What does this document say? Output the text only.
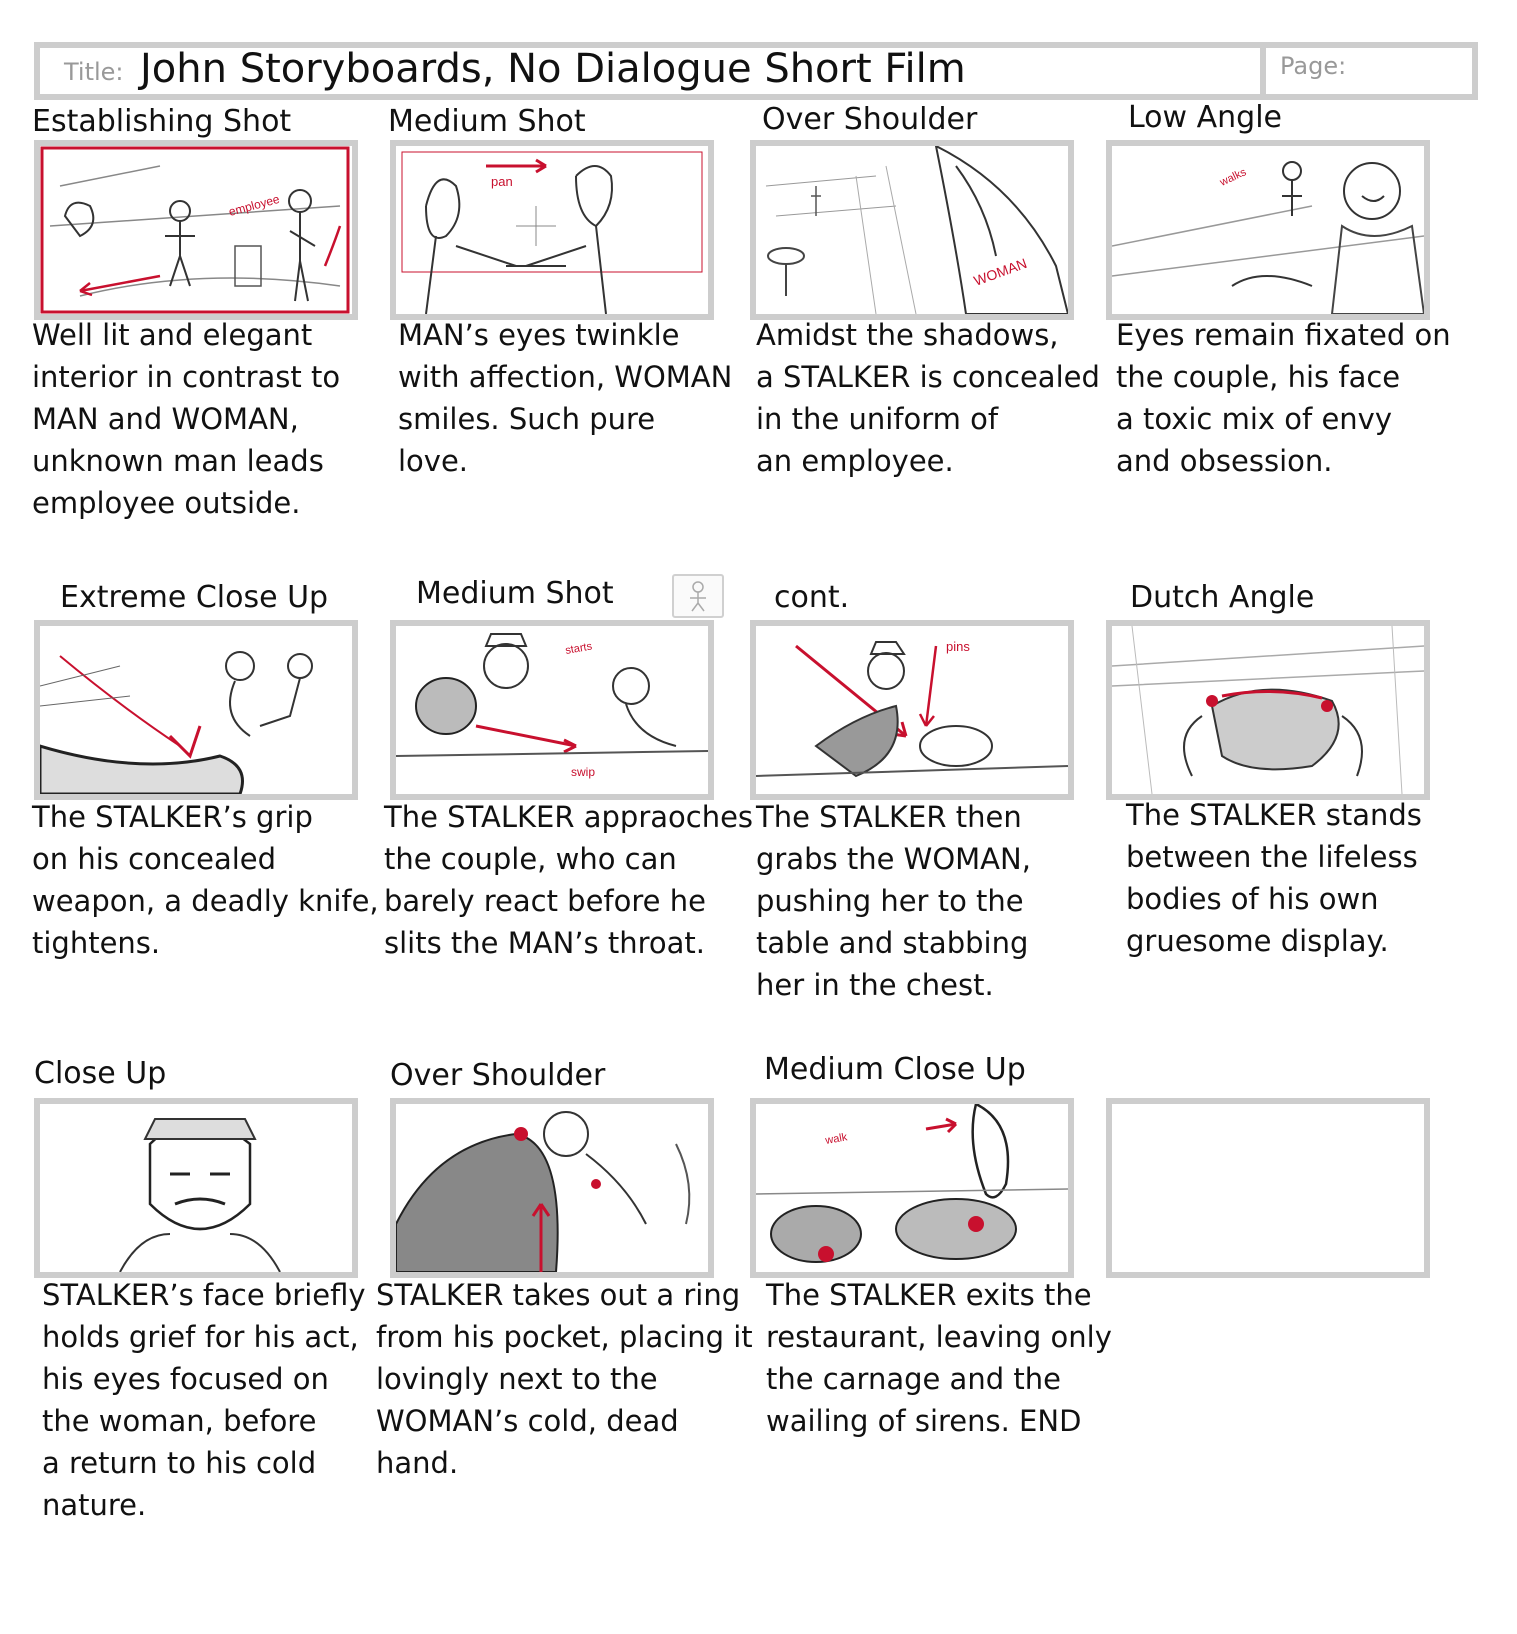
Title: John Storyboards, No Dialogue Short Film	Page:
Establishing Shot
employee
Well lit and elegant
interior in contrast to
MAN and WOMAN,
unknown man leads
employee outside.
Medium Shot
pan
MAN’s eyes twinkle
with affection, WOMAN
smiles. Such pure
love.
Over Shoulder
WOMAN
Amidst the shadows,
a STALKER is concealed
in the uniform of
an employee.
Low Angle
walks
Eyes remain fixated on
the couple, his face
a toxic mix of envy
and obsession.
Extreme Close Up
The STALKER’s grip
on his concealed
weapon, a deadly knife,
tightens.
Medium Shot
starts
swip
The STALKER appraoches
the couple, who can
barely react before he
slits the MAN’s throat.
cont.
pins
The STALKER then
grabs the WOMAN,
pushing her to the
table and stabbing
her in the chest.
Dutch Angle
The STALKER stands
between the lifeless
bodies of his own
gruesome display.
Close Up
STALKER’s face briefly
holds grief for his act,
his eyes focused on
the woman, before
a return to his cold
nature.
Over Shoulder
STALKER takes out a ring
from his pocket, placing it
lovingly next to the
WOMAN’s cold, dead
hand.
Medium Close Up
walk
The STALKER exits the
restaurant, leaving only
the carnage and the
wailing of sirens. END
